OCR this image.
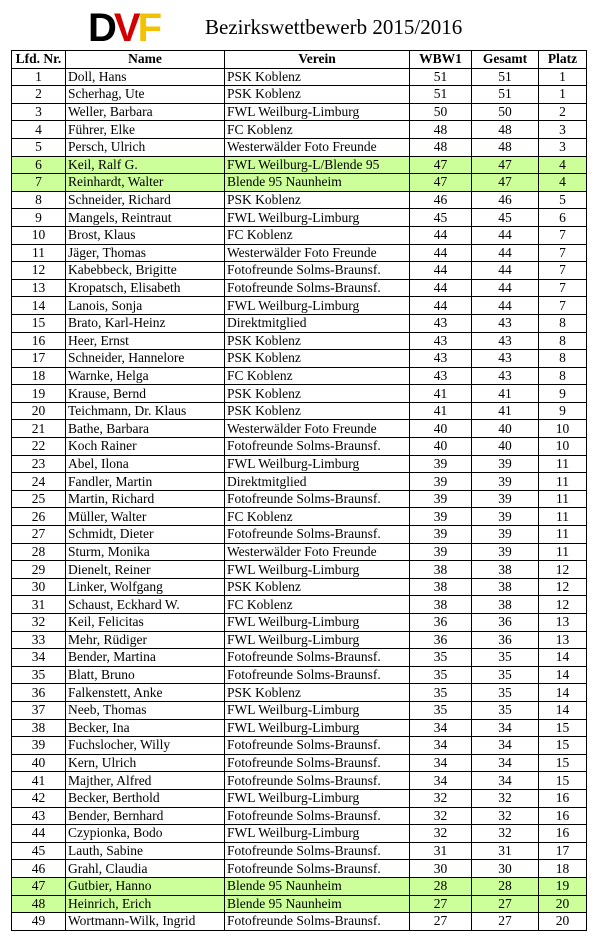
D V F Bezirkswettbewerb 2015/2016
Lfd. Nr.	Name	Verein	WBW1	Gesamt	Platz
1	Doll, Hans	PSK Koblenz	51	51	1
2	Scherhag, Ute	PSK Koblenz	51	51	1
3	Weller, Barbara	FWL Weilburg-Limburg	50	50	2
4	Führer, Elke	FC Koblenz	48	48	3
5	Persch, Ulrich	Westerwälder Foto Freunde	48	48	3
6	Keil, Ralf G.	FWL Weilburg-L/Blende 95	47	47	4
7	Reinhardt, Walter	Blende 95 Naunheim	47	47	4
8	Schneider, Richard	PSK Koblenz	46	46	5
9	Mangels, Reintraut	FWL Weilburg-Limburg	45	45	6
10	Brost, Klaus	FC Koblenz	44	44	7
11	Jäger, Thomas	Westerwälder Foto Freunde	44	44	7
12	Kabebbeck, Brigitte	Fotofreunde Solms-Braunsf.	44	44	7
13	Kropatsch, Elisabeth	Fotofreunde Solms-Braunsf.	44	44	7
14	Lanois, Sonja	FWL Weilburg-Limburg	44	44	7
15	Brato, Karl-Heinz	Direktmitglied	43	43	8
16	Heer, Ernst	PSK Koblenz	43	43	8
17	Schneider, Hannelore	PSK Koblenz	43	43	8
18	Warnke, Helga	FC Koblenz	43	43	8
19	Krause, Bernd	PSK Koblenz	41	41	9
20	Teichmann, Dr. Klaus	PSK Koblenz	41	41	9
21	Bathe, Barbara	Westerwälder Foto Freunde	40	40	10
22	Koch Rainer	Fotofreunde Solms-Braunsf.	40	40	10
23	Abel, Ilona	FWL Weilburg-Limburg	39	39	11
24	Fandler, Martin	Direktmitglied	39	39	11
25	Martin, Richard	Fotofreunde Solms-Braunsf.	39	39	11
26	Müller, Walter	FC Koblenz	39	39	11
27	Schmidt, Dieter	Fotofreunde Solms-Braunsf.	39	39	11
28	Sturm, Monika	Westerwälder Foto Freunde	39	39	11
29	Dienelt, Reiner	FWL Weilburg-Limburg	38	38	12
30	Linker, Wolfgang	PSK Koblenz	38	38	12
31	Schaust, Eckhard W.	FC Koblenz	38	38	12
32	Keil, Felicitas	FWL Weilburg-Limburg	36	36	13
33	Mehr, Rüdiger	FWL Weilburg-Limburg	36	36	13
34	Bender, Martina	Fotofreunde Solms-Braunsf.	35	35	14
35	Blatt, Bruno	Fotofreunde Solms-Braunsf.	35	35	14
36	Falkenstett, Anke	PSK Koblenz	35	35	14
37	Neeb, Thomas	FWL Weilburg-Limburg	35	35	14
38	Becker, Ina	FWL Weilburg-Limburg	34	34	15
39	Fuchslocher, Willy	Fotofreunde Solms-Braunsf.	34	34	15
40	Kern, Ulrich	Fotofreunde Solms-Braunsf.	34	34	15
41	Majther, Alfred	Fotofreunde Solms-Braunsf.	34	34	15
42	Becker, Berthold	FWL Weilburg-Limburg	32	32	16
43	Bender, Bernhard	Fotofreunde Solms-Braunsf.	32	32	16
44	Czypionka, Bodo	FWL Weilburg-Limburg	32	32	16
45	Lauth, Sabine	Fotofreunde Solms-Braunsf.	31	31	17
46	Grahl, Claudia	Fotofreunde Solms-Braunsf.	30	30	18
47	Gutbier, Hanno	Blende 95 Naunheim	28	28	19
48	Heinrich, Erich	Blende 95 Naunheim	27	27	20
49	Wortmann-Wilk, Ingrid	Fotofreunde Solms-Braunsf.	27	27	20
